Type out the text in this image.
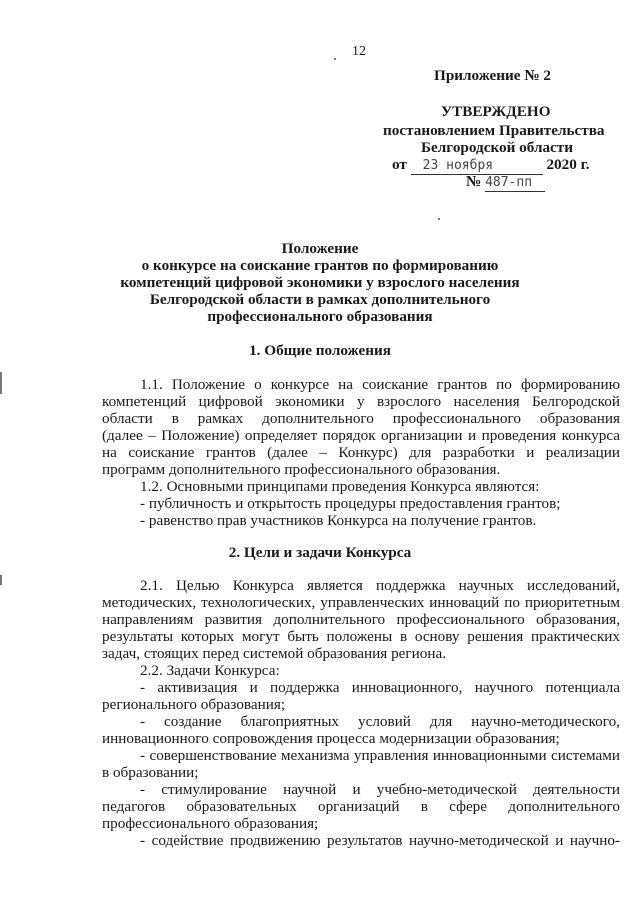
12
Приложение № 2
УТВЕРЖДЕНО
постановлением Правительства
Белгородской области
от 23 ноября	2020 г.
№ 487-пп
Положение
о конкурсе на соискание грантов по формированию
компетенций цифровой экономики у взрослого населения
Белгородской области в рамках дополнительного
профессионального образования
1. Общие положения
1.1. Положение о конкурсе на соискание грантов по формированию
компетенций цифровой экономики у взрослого населения Белгородской
области в рамках дополнительного профессионального образования
(далее – Положение) определяет порядок организации и проведения конкурса
на соискание грантов (далее – Конкурс) для разработки и реализации
программ дополнительного профессионального образования.
1.2. Основными принципами проведения Конкурса являются:
- публичность и открытость процедуры предоставления грантов;
- равенство прав участников Конкурса на получение грантов.
2. Цели и задачи Конкурса
2.1. Целью Конкурса является поддержка научных исследований,
методических, технологических, управленческих инноваций по приоритетным
направлениям развития дополнительного профессионального образования,
результаты которых могут быть положены в основу решения практических
задач, стоящих перед системой образования региона.
2.2. Задачи Конкурса:
- активизация и поддержка инновационного, научного потенциала
регионального образования;
- создание благоприятных условий для научно-методического,
инновационного сопровождения процесса модернизации образования;
- совершенствование механизма управления инновационными системами
в образовании;
- стимулирование научной и учебно-методической деятельности
педагогов образовательных организаций в сфере дополнительного
профессионального образования;
- содействие продвижению результатов научно-методической и научно-
